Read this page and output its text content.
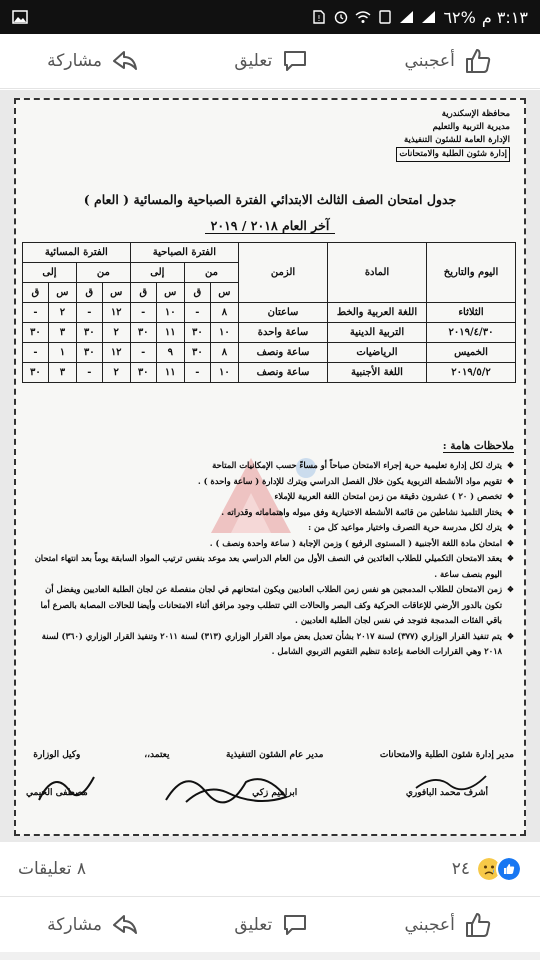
!	٦٢% ٣:١٣ م
مشاركة	تعليق	أعجبني
محافظة الإسكندرية
مديرية التربية والتعليم
الإدارة العامة للشئون التنفيذية
إدارة شئون الطلبة والامتحانات
جدول امتحان الصف الثالث الابتدائي الفترة الصباحية والمسائية ( العام )
آخر العام ٢٠١٨ / ٢٠١٩
اليوم والتاريخ	المادة	الزمن	الفترة الصباحية				الفترة المسائية			
			من		إلى		من		إلى	
			س	ق	س	ق	س	ق	س	ق
الثلاثاء	اللغة العربية والخط	ساعتان	٨	-	١٠	-	١٢	-	٢	-
٢٠١٩/٤/٣٠	التربية الدينية	ساعة واحدة	١٠	٣٠	١١	٣٠	٢	٣٠	٣	٣٠
الخميس	الرياضيات	ساعة ونصف	٨	٣٠	٩	-	١٢	٣٠	١	-
٢٠١٩/٥/٢	اللغة الأجنبية	ساعة ونصف	١٠	-	١١	٣٠	٢	-	٣	٣٠
ملاحظات هامة :
❖ يترك لكل إدارة تعليمية حرية إجراء الامتحان صباحاً أو مساءً حسب الإمكانيات المتاحة
❖ تقويم مواد الأنشطة التربوية يكون خلال الفصل الدراسي ويترك للإدارة ( ساعة واحدة ) .
❖ تخصص ( ٢٠ ) عشرون دقيقة من زمن امتحان اللغة العربية للإملاء
❖ يختار التلميذ نشاطين من قائمة الأنشطة الاختيارية وفق ميوله واهتماماته وقدراته .
❖ يترك لكل مدرسة حرية التصرف واختيار مواعيد كل من :
❖ امتحان مادة اللغة الأجنبية ( المستوى الرفيع ) وزمن الإجابة ( ساعة واحدة ونصف ) .
❖ يعقد الامتحان التكميلي للطلاب العائدين في النصف الأول من العام الدراسي بعد موعد بنفس ترتيب المواد السابقة يوماً بعد انتهاء امتحان اليوم بنصف ساعة .
❖ زمن الامتحان للطلاب المدمجين هو نفس زمن الطلاب العاديين ويكون امتحانهم في لجان منفصلة عن لجان الطلبة العاديين ويفضل أن تكون بالدور الأرضي للإعاقات الحركية وكف البصر والحالات التي تتطلب وجود مرافق أثناء الامتحانات وأيضا للحالات المصابة بالصرع أما باقي الفئات المدمجة فتوجد في نفس لجان الطلبة العاديين .
❖ يتم تنفيذ القرار الوزاري (٣٧٧) لسنة ٢٠١٧ بشأن تعديل بعض مواد القرار الوزاري (٣١٣) لسنة ٢٠١١ وتنفيذ القرار الوزاري (٣٦٠) لسنة ٢٠١٨ وهي القرارات الخاصة بإعادة تنظيم التقويم التربوي الشامل .
مدير إدارة شئون الطلبة والامتحانات
أشرف محمد البافوري
مدير عام الشئون التنفيذية
ابراهيم زكي
يعتمد،،
وكيل الوزارة
مصطفى الحيمي
٨ تعليقات	٢٤
مشاركة	تعليق	أعجبني
